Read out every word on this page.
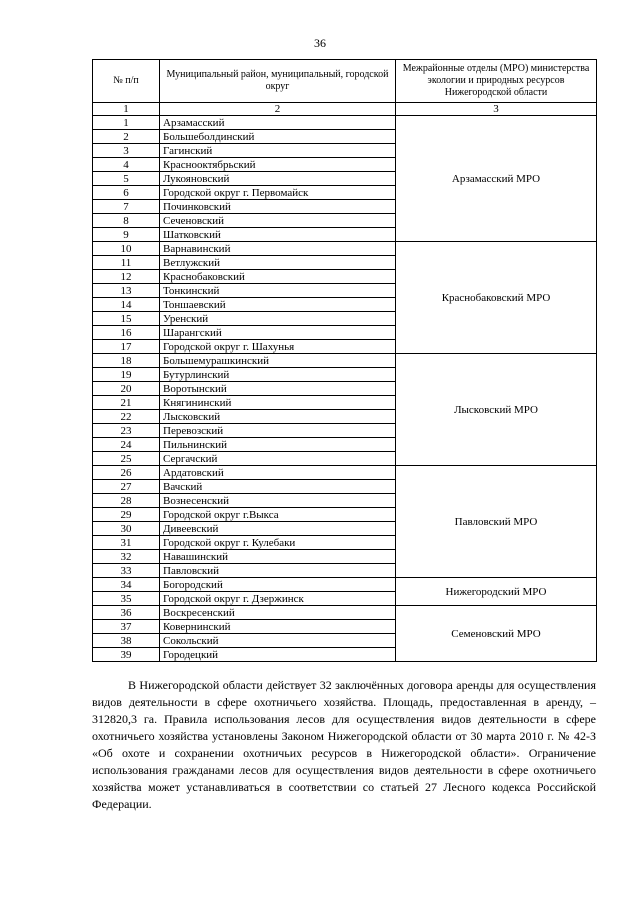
36
№ п/п	Муниципальный район, муниципальный, городской округ	Межрайонные отделы (МРО) министерства экологии и природных ресурсов Нижегородской области
1	2	3
1	Арзамасский	Арзамасский МРО
2	Большеболдинский	
3	Гагинский	
4	Краснооктябрьский	
5	Лукояновский	
6	Городской округ г. Первомайск	
7	Починковский	
8	Сеченовский	
9	Шатковский	
10	Варнавинский	Краснобаковский МРО
11	Ветлужский	
12	Краснобаковский	
13	Тонкинский	
14	Тоншаевский	
15	Уренский	
16	Шарангский	
17	Городской округ г. Шахунья	
18	Большемурашкинский	Лысковский МРО
19	Бутурлинский	
20	Воротынский	
21	Княгининский	
22	Лысковский	
23	Перевозский	
24	Пильнинский	
25	Сергачский	
26	Ардатовский	Павловский МРО
27	Вачский	
28	Вознесенский	
29	Городской округ г.Выкса	
30	Дивеевский	
31	Городской округ г. Кулебаки	
32	Навашинский	
33	Павловский	
34	Богородский	Нижегородский МРО
35	Городской округ г. Дзержинск	
36	Воскресенский	Семеновский МРО
37	Ковернинский	
38	Сокольский	
39	Городецкий	

В Нижегородской области действует 32 заключённых договора аренды для осуществления видов деятельности в сфере охотничьего хозяйства. Площадь, предоставленная в аренду, – 312820,3 га. Правила использования лесов для осуществления видов деятельности в сфере охотничьего хозяйства установлены Законом Нижегородской области от 30 марта 2010 г. № 42-З «Об охоте и сохранении охотничьих ресурсов в Нижегородской области». Ограничение использования гражданами лесов для осуществления видов деятельности в сфере охотничьего хозяйства может устанавливаться в соответствии со статьей 27 Лесного кодекса Российской Федерации.
